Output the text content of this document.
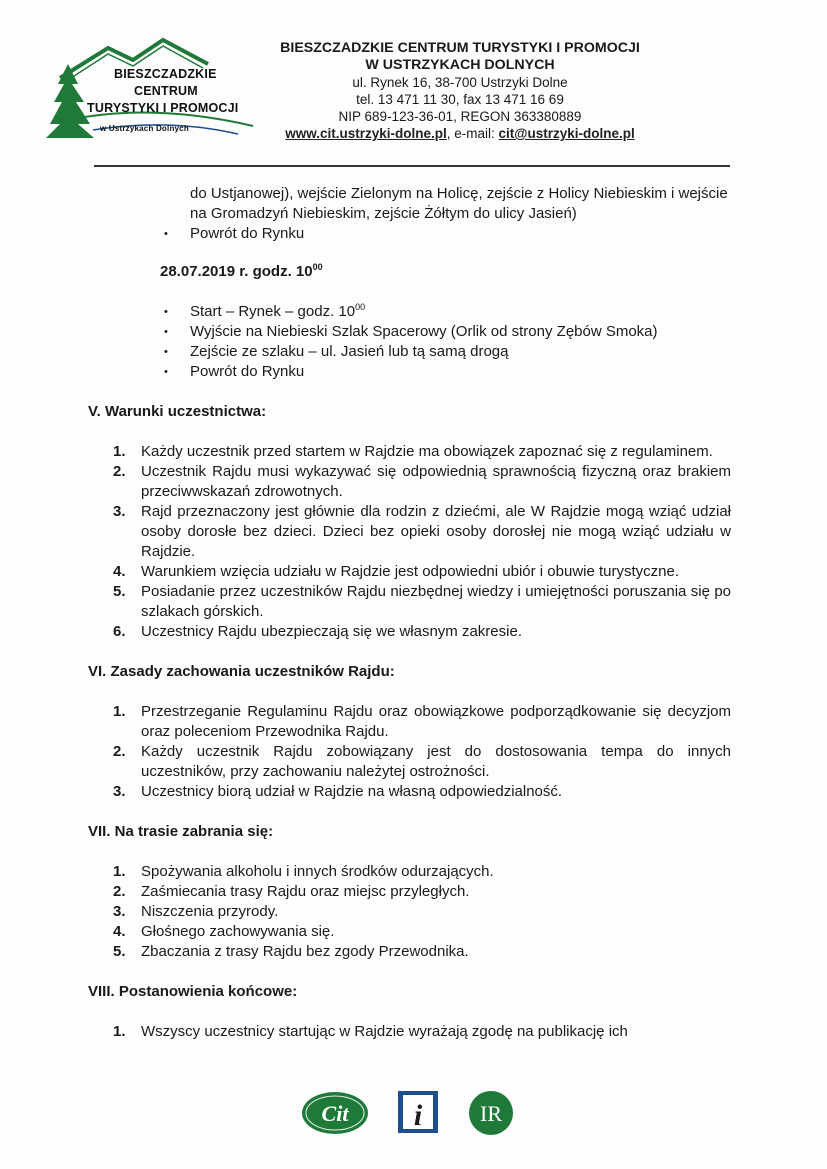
BIESZCZADZKIE
CENTRUM
TURYSTYKI I PROMOCJI
w Ustrzykach Dolnych
BIESZCZADZKIE CENTRUM TURYSTYKI I PROMOCJI
W USTRZYKACH DOLNYCH
ul. Rynek 16, 38-700 Ustrzyki Dolne
tel. 13 471 11 30, fax 13 471 16 69
NIP 689-123-36-01, REGON 363380889
www.cit.ustrzyki-dolne.pl, e-mail: cit@ustrzyki-dolne.pl

do Ustjanowej), wejście Zielonym na Holicę, zejście z Holicy Niebieskim i wejście na Gromadzyń Niebieskim, zejście Żółtym do ulicy Jasień)

• Powrót do Rynku
28.07.2019 r. godz. $10^{00}$
• Start – Rynek – godz. $10^{00}$
• Wyjście na Niebieski Szlak Spacerowy (Orlik od strony Zębów Smoka)
• Zejście ze szlaku – ul. Jasień lub tą samą drogą
• Powrót do Rynku
V. Warunki uczestnictwa:
1. Każdy uczestnik przed startem w Rajdzie ma obowiązek zapoznać się z regulaminem.
2. Uczestnik Rajdu musi wykazywać się odpowiednią sprawnością fizyczną oraz brakiem przeciwwskazań zdrowotnych.
3. Rajd przeznaczony jest głównie dla rodzin z dziećmi, ale W Rajdzie mogą wziąć udział osoby dorosłe bez dzieci. Dzieci bez opieki osoby dorosłej nie mogą wziąć udziału w Rajdzie.
4. Warunkiem wzięcia udziału w Rajdzie jest odpowiedni ubiór i obuwie turystyczne.
5. Posiadanie przez uczestników Rajdu niezbędnej wiedzy i umiejętności poruszania się po szlakach górskich.
6. Uczestnicy Rajdu ubezpieczają się we własnym zakresie.
VI. Zasady zachowania uczestników Rajdu:
1. Przestrzeganie Regulaminu Rajdu oraz obowiązkowe podporządkowanie się decyzjom oraz poleceniom Przewodnika Rajdu.
2. Każdy uczestnik Rajdu zobowiązany jest do dostosowania tempa do innych uczestników, przy zachowaniu należytej ostrożności.
3. Uczestnicy biorą udział w Rajdzie na własną odpowiedzialność.
VII. Na trasie zabrania się:
1. Spożywania alkoholu i innych środków odurzających.
2. Zaśmiecania trasy Rajdu oraz miejsc przyległych.
3. Niszczenia przyrody.
4. Głośnego zachowywania się.
5. Zbaczania z trasy Rajdu bez zgody Przewodnika.
VIII. Postanowienia końcowe:
1. Wszyscy uczestnicy startując w Rajdzie wyrażają zgodę na publikację ich
Cit i	IR
